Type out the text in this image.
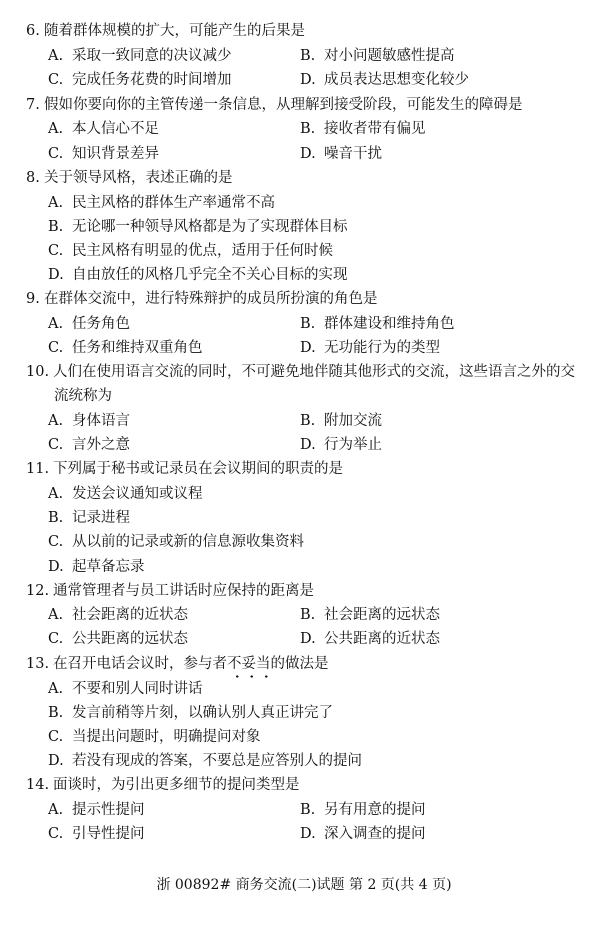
6. 随着群体规模的扩大，可能产生的后果是
A. 采取一致同意的决议减少	B. 对小问题敏感性提高
C. 完成任务花费的时间增加	D. 成员表达思想变化较少
7. 假如你要向你的主管传递一条信息，从理解到接受阶段，可能发生的障碍是
A. 本人信心不足	B. 接收者带有偏见
C. 知识背景差异	D. 噪音干扰
8. 关于领导风格，表述正确的是
A. 民主风格的群体生产率通常不高
B. 无论哪一种领导风格都是为了实现群体目标
C. 民主风格有明显的优点，适用于任何时候
D. 自由放任的风格几乎完全不关心目标的实现
9. 在群体交流中，进行特殊辩护的成员所扮演的角色是
A. 任务角色	B. 群体建设和维持角色
C. 任务和维持双重角色	D. 无功能行为的类型
10. 人们在使用语言交流的同时，不可避免地伴随其他形式的交流，这些语言之外的交
流统称为
A. 身体语言	B. 附加交流
C. 言外之意	D. 行为举止
11. 下列属于秘书或记录员在会议期间的职责的是
A. 发送会议通知或议程
B. 记录进程
C. 从以前的记录或新的信息源收集资料
D. 起草备忘录
12. 通常管理者与员工讲话时应保持的距离是
A. 社会距离的近状态	B. 社会距离的远状态
C. 公共距离的远状态	D. 公共距离的近状态
13. 在召开电话会议时，参与者不妥当的做法是
A. 不要和别人同时讲话
B. 发言前稍等片刻，以确认别人真正讲完了
C. 当提出问题时，明确提问对象
D. 若没有现成的答案，不要总是应答别人的提问
14. 面谈时，为引出更多细节的提问类型是
A. 提示性提问	B. 另有用意的提问
C. 引导性提问	D. 深入调查的提问
浙 00892# 商务交流(二)试题 第 2 页(共 4 页)
